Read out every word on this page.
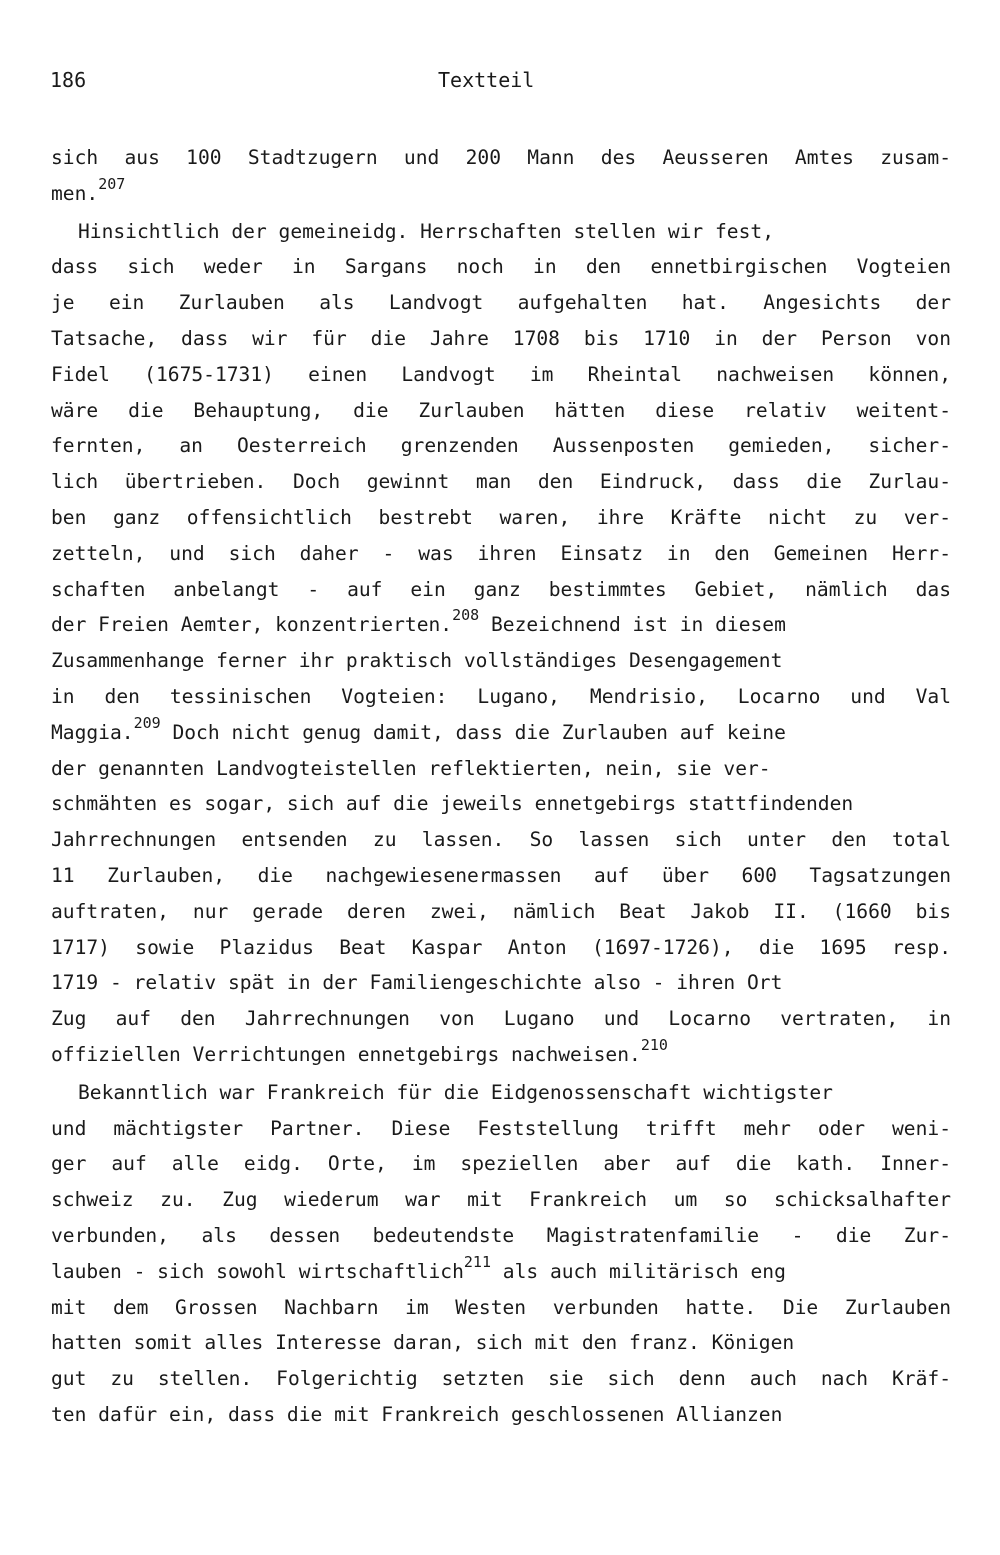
186	Textteil
sich aus 100 Stadtzugern und 200 Mann des Aeusseren Amtes zusam-
men.$^{207}$
Hinsichtlich der gemeineidg. Herrschaften stellen wir fest,
dass sich weder in Sargans noch in den ennetbirgischen Vogteien
je ein Zurlauben als Landvogt aufgehalten hat. Angesichts der
Tatsache, dass wir für die Jahre 1708 bis 1710 in der Person von
Fidel (1675-1731) einen Landvogt im Rheintal nachweisen können,
wäre die Behauptung, die Zurlauben hätten diese relativ weitent-
fernten, an Oesterreich grenzenden Aussenposten gemieden, sicher-
lich übertrieben. Doch gewinnt man den Eindruck, dass die Zurlau-
ben ganz offensichtlich bestrebt waren, ihre Kräfte nicht zu ver-
zetteln, und sich daher - was ihren Einsatz in den Gemeinen Herr-
schaften anbelangt - auf ein ganz bestimmtes Gebiet, nämlich das
der Freien Aemter, konzentrierten.$^{208}$ Bezeichnend ist in diesem
Zusammenhange ferner ihr praktisch vollständiges Desengagement
in den tessinischen Vogteien: Lugano, Mendrisio, Locarno und Val
Maggia.$^{209}$ Doch nicht genug damit, dass die Zurlauben auf keine
der genannten Landvogteistellen reflektierten, nein, sie ver-
schmähten es sogar, sich auf die jeweils ennetgebirgs stattfindenden
Jahrrechnungen entsenden zu lassen. So lassen sich unter den total
11 Zurlauben, die nachgewiesenermassen auf über 600 Tagsatzungen
auftraten, nur gerade deren zwei, nämlich Beat Jakob II. (1660 bis
1717) sowie Plazidus Beat Kaspar Anton (1697-1726), die 1695 resp.
1719 - relativ spät in der Familiengeschichte also - ihren Ort
Zug auf den Jahrrechnungen von Lugano und Locarno vertraten, in
offiziellen Verrichtungen ennetgebirgs nachweisen.$^{210}$
Bekanntlich war Frankreich für die Eidgenossenschaft wichtigster
und mächtigster Partner. Diese Feststellung trifft mehr oder weni-
ger auf alle eidg. Orte, im speziellen aber auf die kath. Inner-
schweiz zu. Zug wiederum war mit Frankreich um so schicksalhafter
verbunden, als dessen bedeutendste Magistratenfamilie - die Zur-
lauben - sich sowohl wirtschaftlich$^{211}$ als auch militärisch eng
mit dem Grossen Nachbarn im Westen verbunden hatte. Die Zurlauben
hatten somit alles Interesse daran, sich mit den franz. Königen
gut zu stellen. Folgerichtig setzten sie sich denn auch nach Kräf-
ten dafür ein, dass die mit Frankreich geschlossenen Allianzen
